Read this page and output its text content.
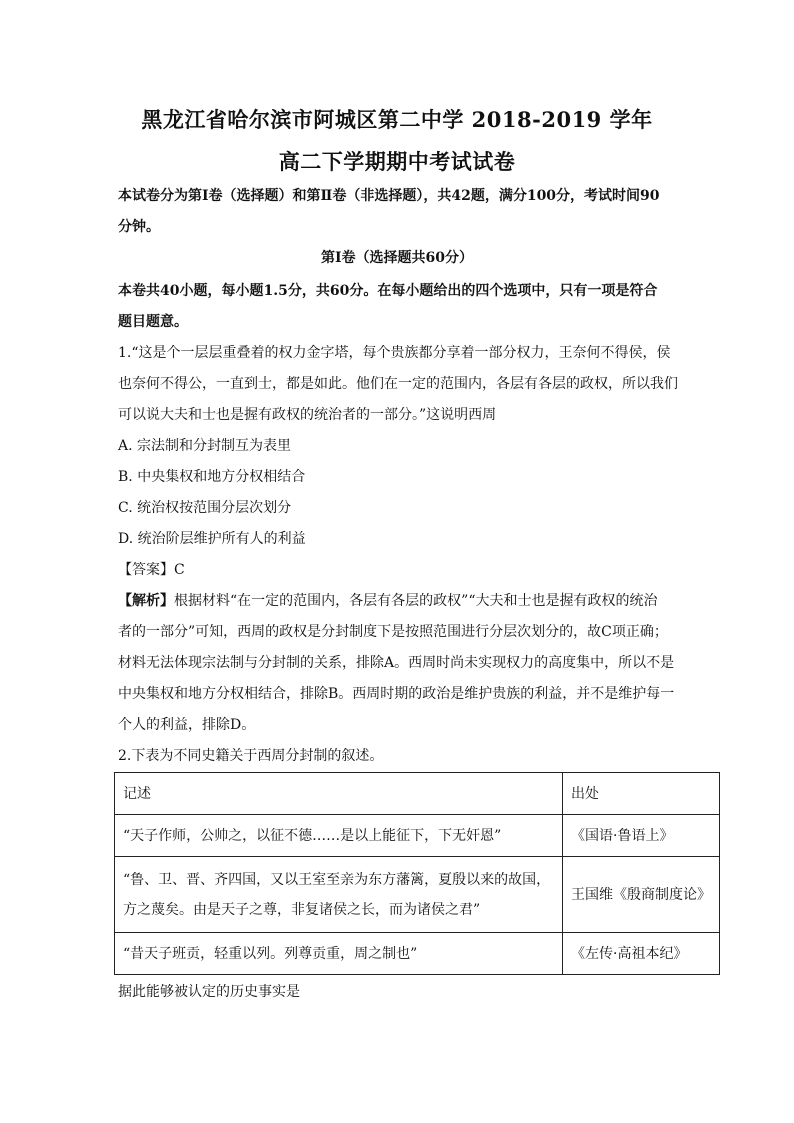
黑龙江省哈尔滨市阿城区第二中学 2018-2019 学年
高二下学期期中考试试卷
本试卷分为第Ⅰ卷（选择题）和第Ⅱ卷（非选择题），共42题，满分100分，考试时间90
分钟。
第Ⅰ卷（选择题共60分）
本卷共40小题，每小题1.5分，共60分。在每小题给出的四个选项中，只有一项是符合
题目题意。
1.“这是个一层层重叠着的权力金字塔，每个贵族都分享着一部分权力，王奈何不得侯，侯
也奈何不得公，一直到士，都是如此。他们在一定的范围内，各层有各层的政权，所以我们
可以说大夫和士也是握有政权的统治者的一部分。”这说明西周
A. 宗法制和分封制互为表里
B. 中央集权和地方分权相结合
C. 统治权按范围分层次划分
D. 统治阶层维护所有人的利益
【答案】C
【解析】根据材料“在一定的范围内，各层有各层的政权”“大夫和士也是握有政权的统治
者的一部分”可知，西周的政权是分封制度下是按照范围进行分层次划分的，故C项正确；
材料无法体现宗法制与分封制的关系，排除A。西周时尚未实现权力的高度集中，所以不是
中央集权和地方分权相结合，排除B。西周时期的政治是维护贵族的利益，并不是维护每一
个人的利益，排除D。
2.下表为不同史籍关于西周分封制的叙述。
记述	出处
“天子作师，公帅之，以征不德……是以上能征下，下无奸恩”	《国语·鲁语上》
“鲁、卫、晋、齐四国，又以王室至亲为东方藩篱，夏殷以来的故国，方之蔑矣。由是天子之尊，非复诸侯之长，而为诸侯之君”	王国维《殷商制度论》
“昔天子班贡，轻重以列。列尊贡重，周之制也”	《左传·高祖本纪》
据此能够被认定的历史事实是
